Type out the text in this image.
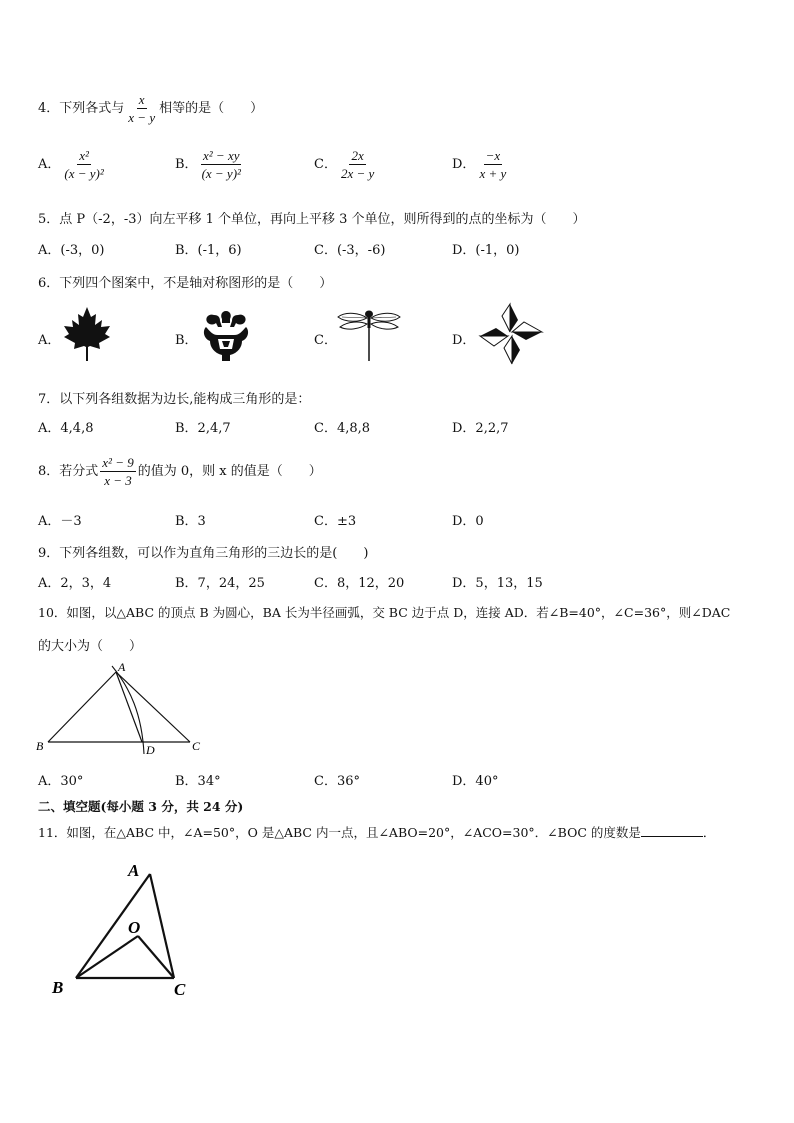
4．下列各式与 $\frac{x}{x - y}$ 相等的是（　　）
A． $\frac{\text{x²}}{\text{(x − y)²}}$	B． $\frac{\text{x² − xy}}{\text{(x − y)²}}$	C． $\frac{2x}{2x - y}$	D． $\frac{-x}{x + y}$
5．点 P（-2，-3）向左平移 1 个单位，再向上平移 3 个单位，则所得到的点的坐标为（　　）
A．(-3，0)	B．(-1，6)	C．(-3，-6)	D．(-1，0)
6．下列四个图案中，不是轴对称图形的是（　　）
A．	B．	C．	D．
7．以下列各组数据为边长,能构成三角形的是：
A．4,4,8	B．2,4,7	C．4,8,8	D．2,2,7
8．若分式 $\frac{\text{x² − 9}}{x - 3}$ 的值为 0，则 x 的值是（　　）
A．－3	B．3	C．±3	D．0
9．下列各组数，可以作为直角三角形的三边长的是(　　)
A．2，3，4	B．7，24，25	C．8，12，20	D．5，13，15
10．如图，以△ABC 的顶点 B 为圆心，BA 长为半径画弧，交 BC 边于点 D，连接 AD．若∠B=40°，∠C=36°，则∠DAC
的大小为（　　）
A
B	C
D
A．30°	B．34°	C．36°	D．40°
二、填空题(每小题 3 分，共 24 分)
11．如图，在△ABC 中，∠A=50°，O 是△ABC 内一点，且∠ABO=20°，∠ACO=30°．∠BOC 的度数是	．
A
O
B	C
